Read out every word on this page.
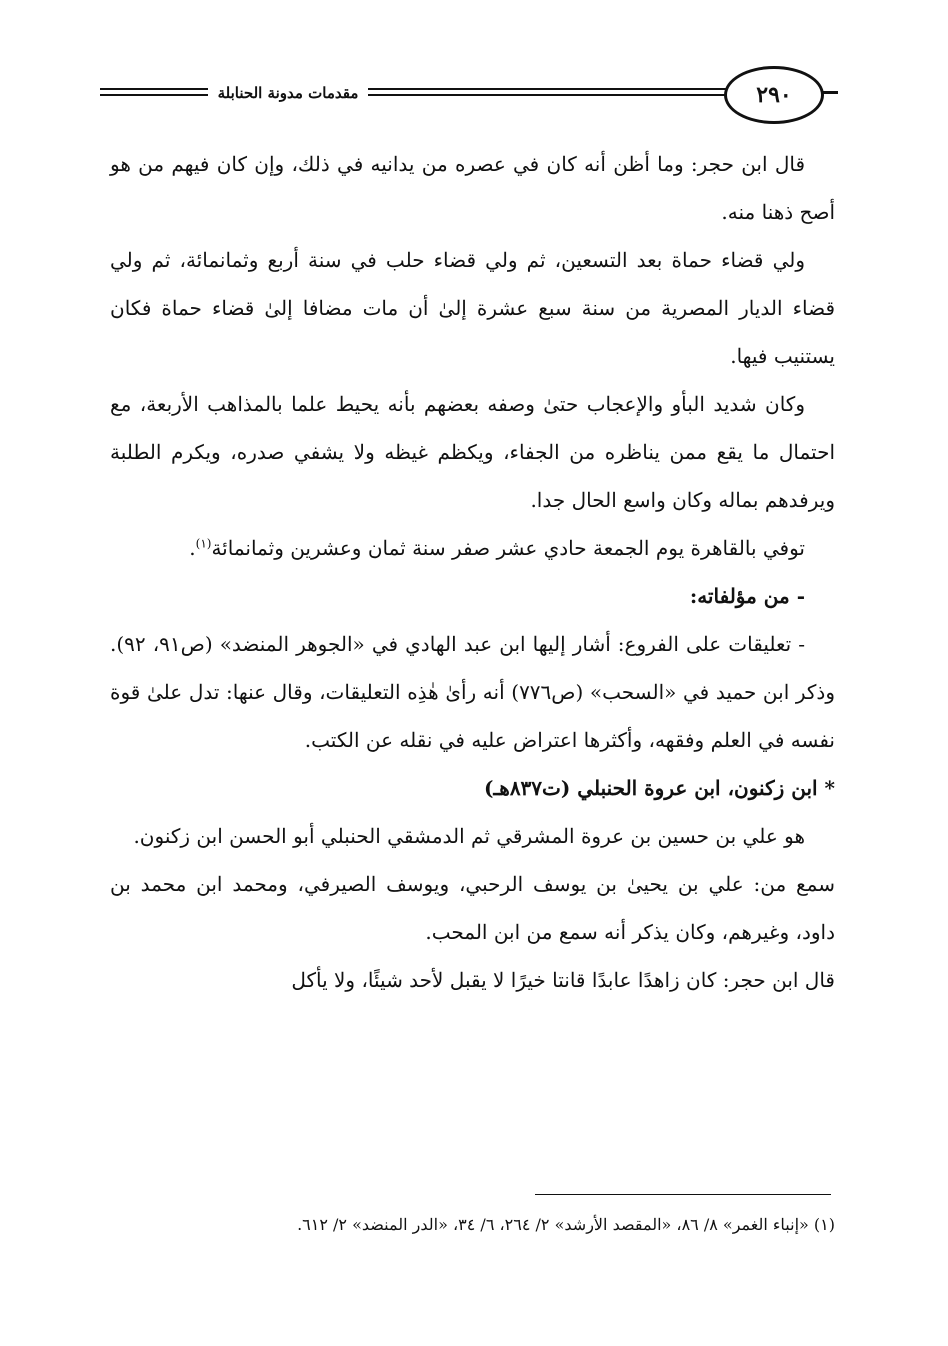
مقدمات مدونة الحنابلة	٢٩٠

قال ابن حجر: وما أظن أنه كان في عصره من يدانيه في ذلك، وإن كان فيهم من هو أصح ذهنا منه.

ولي قضاء حماة بعد التسعين، ثم ولي قضاء حلب في سنة أربع وثمانمائة، ثم ولي قضاء الديار المصرية من سنة سبع عشرة إلىٰ أن مات مضافا إلىٰ قضاء حماة فكان يستنيب فيها.

وكان شديد البأو والإعجاب حتىٰ وصفه بعضهم بأنه يحيط علما بالمذاهب الأربعة، مع احتمال ما يقع ممن يناظره من الجفاء، ويكظم غيظه ولا يشفي صدره، ويكرم الطلبة ويرفدهم بماله وكان واسع الحال جدا.

توفي بالقاهرة يوم الجمعة حادي عشر صفر سنة ثمان وعشرين وثمانمائة$^{(١)}$.

- من مؤلفاته:

- تعليقات على الفروع: أشار إليها ابن عبد الهادي في «الجوهر المنضد» (ص٩١، ٩٢). وذكر ابن حميد في «السحب» (ص٧٧٦) أنه رأىٰ هٰذِه التعليقات، وقال عنها: تدل علىٰ قوة نفسه في العلم وفقهه، وأكثرها اعتراض عليه في نقله عن الكتب.

* ابن زكنون، ابن عروة الحنبلي (ت٨٣٧هـ)

هو علي بن حسين بن عروة المشرقي ثم الدمشقي الحنبلي أبو الحسن ابن زكنون.

سمع من: علي بن يحيىٰ بن يوسف الرحبي، ويوسف الصيرفي، ومحمد ابن محمد بن داود، وغيرهم، وكان يذكر أنه سمع من ابن المحب.

قال ابن حجر: كان زاهدًا عابدًا قانتا خيرًا لا يقبل لأحد شيئًا، ولا يأكل

(١) «إنباء الغمر» ٨/ ٨٦، «المقصد الأرشد» ٢/ ٢٦٤، ٦/ ٣٤، «الدر المنضد» ٢/ ٦١٢.
